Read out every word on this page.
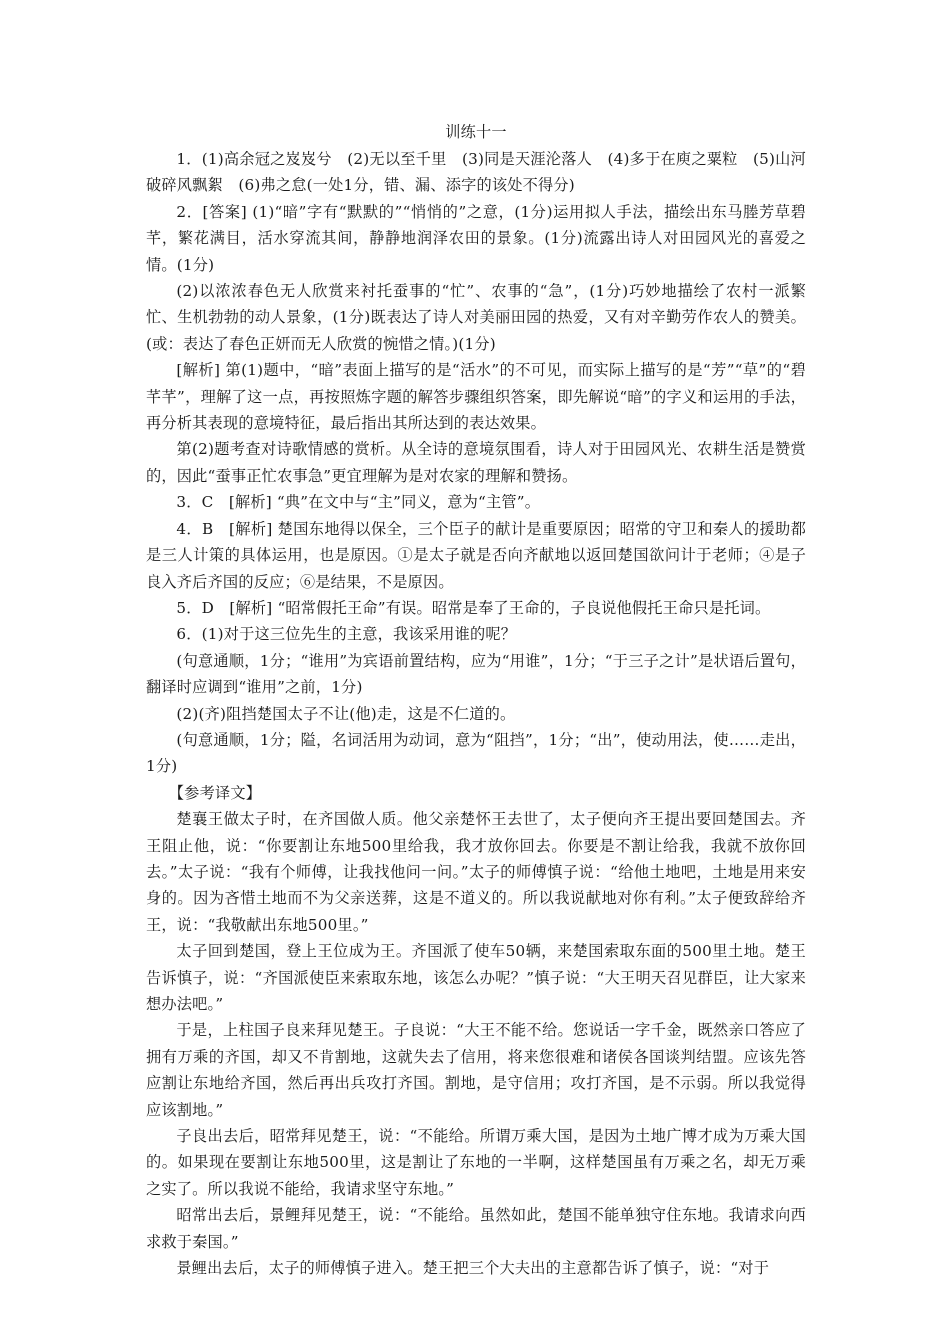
训练十一

1．(1)高余冠之岌岌兮　(2)无以至千里　(3)同是天涯沦落人　(4)多于在庾之粟粒　(5)山河破碎风飘絮　(6)弗之怠(一处1分，错、漏、添字的该处不得分)

2．[答案] (1)“暗”字有“默默的”“悄悄的”之意，(1分)运用拟人手法，描绘出东马塍芳草碧芊，繁花满目，活水穿流其间，静静地润泽农田的景象。(1分)流露出诗人对田园风光的喜爱之情。(1分)

(2)以浓浓春色无人欣赏来衬托蚕事的“忙”、农事的“急”，(1分)巧妙地描绘了农村一派繁忙、生机勃勃的动人景象，(1分)既表达了诗人对美丽田园的热爱，又有对辛勤劳作农人的赞美。(或：表达了春色正妍而无人欣赏的惋惜之情。)(1分)

[解析] 第(1)题中，“暗”表面上描写的是“活水”的不可见，而实际上描写的是“芳”“草”的“碧芊芊”，理解了这一点，再按照炼字题的解答步骤组织答案，即先解说“暗”的字义和运用的手法，再分析其表现的意境特征，最后指出其所达到的表达效果。

第(2)题考查对诗歌情感的赏析。从全诗的意境氛围看，诗人对于田园风光、农耕生活是赞赏的，因此“蚕事正忙农事急”更宜理解为是对农家的理解和赞扬。

3．C　[解析] “典”在文中与“主”同义，意为“主管”。

4．B　[解析] 楚国东地得以保全，三个臣子的献计是重要原因；昭常的守卫和秦人的援助都是三人计策的具体运用，也是原因。①是太子就是否向齐献地以返回楚国欲问计于老师；④是子良入齐后齐国的反应；⑥是结果，不是原因。

5．D　[解析] “昭常假托王命”有误。昭常是奉了王命的，子良说他假托王命只是托词。

6．(1)对于这三位先生的主意，我该采用谁的呢？

(句意通顺，1分；“谁用”为宾语前置结构，应为“用谁”，1分；“于三子之计”是状语后置句，翻译时应调到“谁用”之前，1分)

(2)(齐)阻挡楚国太子不让(他)走，这是不仁道的。

(句意通顺，1分；隘，名词活用为动词，意为“阻挡”，1分；“出”，使动用法，使……走出，1分)

【参考译文】

楚襄王做太子时，在齐国做人质。他父亲楚怀王去世了，太子便向齐王提出要回楚国去。齐王阻止他，说：“你要割让东地500里给我，我才放你回去。你要是不割让给我，我就不放你回去。”太子说：“我有个师傅，让我找他问一问。”太子的师傅慎子说：“给他土地吧，土地是用来安身的。因为吝惜土地而不为父亲送葬，这是不道义的。所以我说献地对你有利。”太子便致辞给齐王，说：“我敬献出东地500里。”

太子回到楚国，登上王位成为王。齐国派了使车50辆，来楚国索取东面的500里土地。楚王告诉慎子，说：“齐国派使臣来索取东地，该怎么办呢？”慎子说：“大王明天召见群臣，让大家来想办法吧。”

于是，上柱国子良来拜见楚王。子良说：“大王不能不给。您说话一字千金，既然亲口答应了拥有万乘的齐国，却又不肯割地，这就失去了信用，将来您很难和诸侯各国谈判结盟。应该先答应割让东地给齐国，然后再出兵攻打齐国。割地，是守信用；攻打齐国，是不示弱。所以我觉得应该割地。”

子良出去后，昭常拜见楚王，说：“不能给。所谓万乘大国，是因为土地广博才成为万乘大国的。如果现在要割让东地500里，这是割让了东地的一半啊，这样楚国虽有万乘之名，却无万乘之实了。所以我说不能给，我请求坚守东地。”

昭常出去后，景鲤拜见楚王，说：“不能给。虽然如此，楚国不能单独守住东地。我请求向西求救于秦国。”

景鲤出去后，太子的师傅慎子进入。楚王把三个大夫出的主意都告诉了慎子，说：“对于
